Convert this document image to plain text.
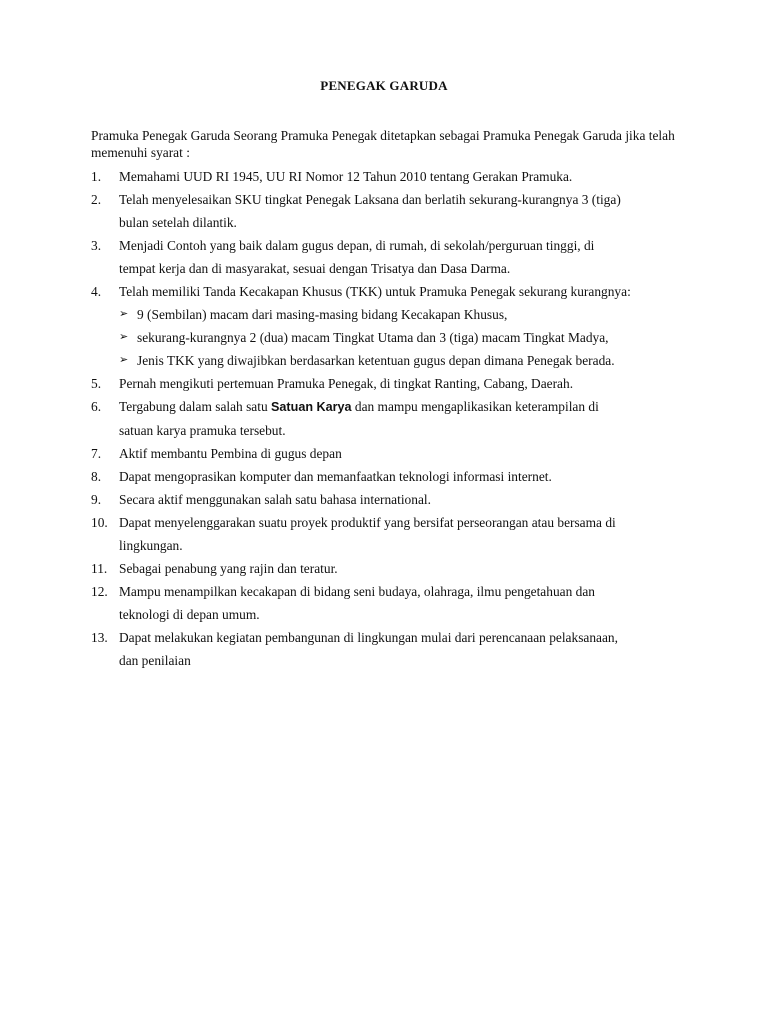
PENEGAK GARUDA
Pramuka Penegak Garuda Seorang Pramuka Penegak ditetapkan sebagai Pramuka Penegak Garuda jika telah memenuhi syarat :
1. Memahami UUD RI 1945, UU RI Nomor 12 Tahun 2010 tentang Gerakan Pramuka.
2. Telah menyelesaikan SKU tingkat Penegak Laksana dan berlatih sekurang-kurangnya 3 (tiga)
bulan setelah dilantik.
3. Menjadi Contoh yang baik dalam gugus depan, di rumah, di sekolah/perguruan tinggi, di
tempat kerja dan di masyarakat, sesuai dengan Trisatya dan Dasa Darma.
4. Telah memiliki Tanda Kecakapan Khusus (TKK) untuk Pramuka Penegak sekurang kurangnya:
➢ 9 (Sembilan) macam dari masing-masing bidang Kecakapan Khusus,
➢ sekurang-kurangnya 2 (dua) macam Tingkat Utama dan 3 (tiga) macam Tingkat Madya,
➢ Jenis TKK yang diwajibkan berdasarkan ketentuan gugus depan dimana Penegak berada.
5. Pernah mengikuti pertemuan Pramuka Penegak, di tingkat Ranting, Cabang, Daerah.
6. Tergabung dalam salah satu Satuan Karya dan mampu mengaplikasikan keterampilan di
satuan karya pramuka tersebut.
7. Aktif membantu Pembina di gugus depan
8. Dapat mengoprasikan komputer dan memanfaatkan teknologi informasi internet.
9. Secara aktif menggunakan salah satu bahasa international.
10. Dapat menyelenggarakan suatu proyek produktif yang bersifat perseorangan atau bersama di
lingkungan.
11. Sebagai penabung yang rajin dan teratur.
12. Mampu menampilkan kecakapan di bidang seni budaya, olahraga, ilmu pengetahuan dan
teknologi di depan umum.
13. Dapat melakukan kegiatan pembangunan di lingkungan mulai dari perencanaan pelaksanaan,
dan penilaian
